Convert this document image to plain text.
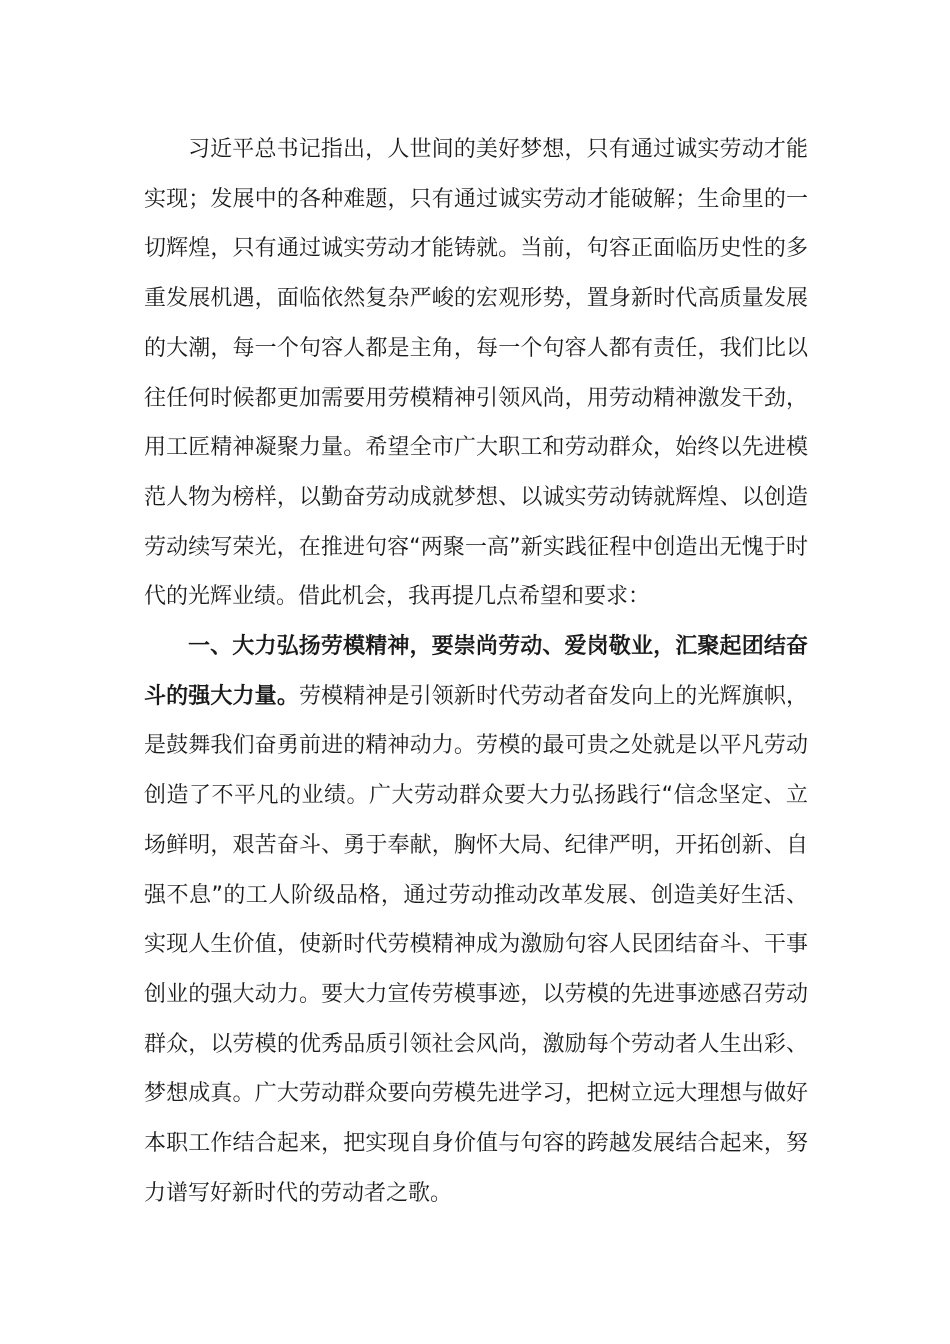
习近平总书记指出，人世间的美好梦想，只有通过诚实劳动才能实现；发展中的各种难题，只有通过诚实劳动才能破解；生命里的一切辉煌，只有通过诚实劳动才能铸就。当前，句容正面临历史性的多重发展机遇，面临依然复杂严峻的宏观形势，置身新时代高质量发展的大潮，每一个句容人都是主角，每一个句容人都有责任，我们比以往任何时候都更加需要用劳模精神引领风尚，用劳动精神激发干劲，用工匠精神凝聚力量。希望全市广大职工和劳动群众，始终以先进模范人物为榜样，以勤奋劳动成就梦想、以诚实劳动铸就辉煌、以创造劳动续写荣光，在推进句容“两聚一高”新实践征程中创造出无愧于时代的光辉业绩。借此机会，我再提几点希望和要求：

一、大力弘扬劳模精神，要崇尚劳动、爱岗敬业，汇聚起团结奋斗的强大力量。劳模精神是引领新时代劳动者奋发向上的光辉旗帜，是鼓舞我们奋勇前进的精神动力。劳模的最可贵之处就是以平凡劳动创造了不平凡的业绩。广大劳动群众要大力弘扬践行“信念坚定、立场鲜明，艰苦奋斗、勇于奉献，胸怀大局、纪律严明，开拓创新、自强不息”的工人阶级品格，通过劳动推动改革发展、创造美好生活、实现人生价值，使新时代劳模精神成为激励句容人民团结奋斗、干事创业的强大动力。要大力宣传劳模事迹，以劳模的先进事迹感召劳动群众，以劳模的优秀品质引领社会风尚，激励每个劳动者人生出彩、梦想成真。广大劳动群众要向劳模先进学习，把树立远大理想与做好本职工作结合起来，把实现自身价值与句容的跨越发展结合起来，努力谱写好新时代的劳动者之歌。
